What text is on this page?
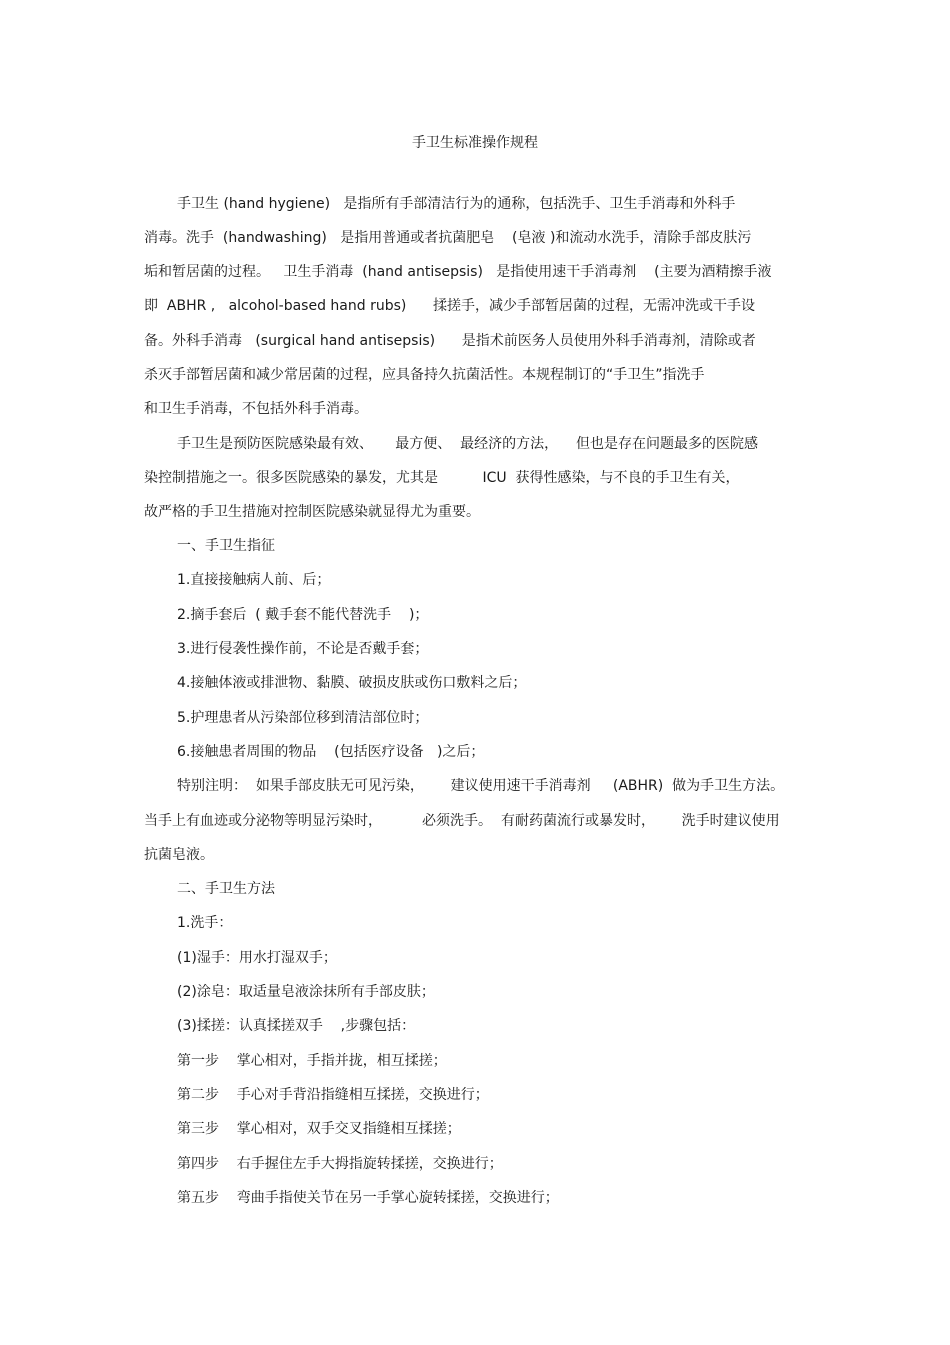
手卫生标准操作规程
手卫生 (hand hygiene)   是指所有手部清洁行为的通称，包括洗手、卫生手消毒和外科手
消毒。洗手  (handwashing)   是指用普通或者抗菌肥皂    (皂液 )和流动水洗手，清除手部皮肤污
垢和暂居菌的过程。   卫生手消毒  (hand antisepsis)   是指使用速干手消毒剂    (主要为酒精擦手液
即  ABHR ,   alcohol-based hand rubs)      揉搓手，减少手部暂居菌的过程，无需冲洗或干手设
备。外科手消毒   (surgical hand antisepsis)      是指术前医务人员使用外科手消毒剂，清除或者
杀灭手部暂居菌和减少常居菌的过程，应具备持久抗菌活性。本规程制订的“手卫生”指洗手
和卫生手消毒，不包括外科手消毒。
手卫生是预防医院感染最有效、     最方便、  最经济的方法，    但也是存在问题最多的医院感
染控制措施之一。很多医院感染的暴发，尤其是          ICU  获得性感染，与不良的手卫生有关，
故严格的手卫生措施对控制医院感染就显得尤为重要。
一、手卫生指征
1.直接接触病人前、后；
2.摘手套后  ( 戴手套不能代替洗手    )；
3.进行侵袭性操作前，不论是否戴手套；
4.接触体液或排泄物、黏膜、破损皮肤或伤口敷料之后；
5.护理患者从污染部位移到清洁部位时；
6.接触患者周围的物品    (包括医疗设备   )之后；
特别注明：  如果手部皮肤无可见污染，      建议使用速干手消毒剂     (ABHR)  做为手卫生方法。
当手上有血迹或分泌物等明显污染时，         必须洗手。  有耐药菌流行或暴发时，      洗手时建议使用
抗菌皂液。
二、手卫生方法
1.洗手：
(1)湿手：用水打湿双手；
(2)涂皂：取适量皂液涂抹所有手部皮肤；
(3)揉搓：认真揉搓双手    ,步骤包括：
第一步    掌心相对，手指并拢，相互揉搓；
第二步    手心对手背沿指缝相互揉搓，交换进行；
第三步    掌心相对，双手交叉指缝相互揉搓；
第四步    右手握住左手大拇指旋转揉搓，交换进行；
第五步    弯曲手指使关节在另一手掌心旋转揉搓，交换进行；
